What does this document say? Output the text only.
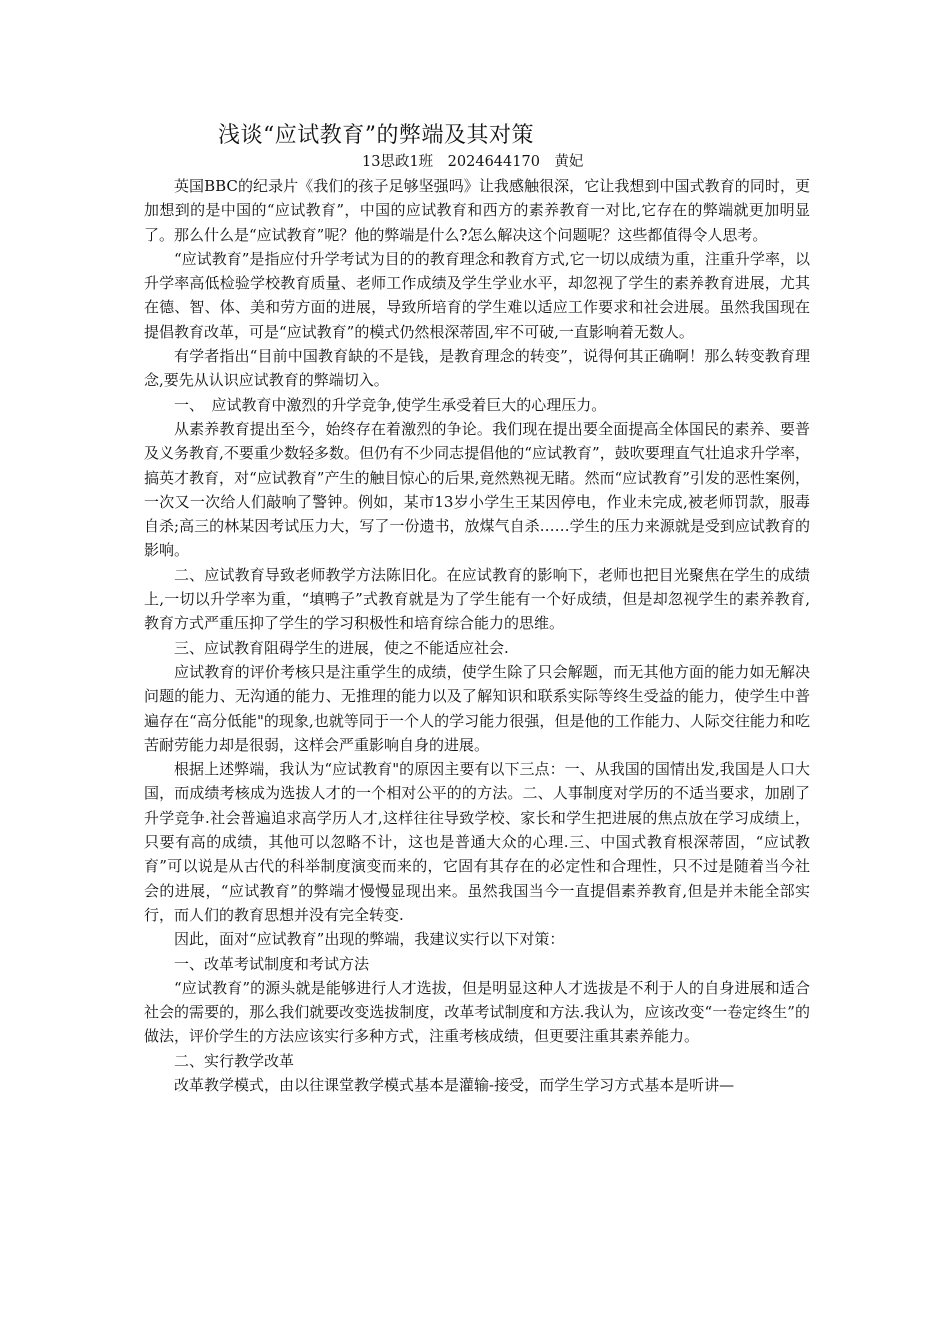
浅谈“应试教育”的弊端及其对策
13思政1班　2024644170　黄妃

英国BBC的纪录片《我们的孩子足够坚强吗》让我感触很深，它让我想到中国式教育的同时，更加想到的是中国的“应试教育”，中国的应试教育和西方的素养教育一对比,它存在的弊端就更加明显了。那么什么是“应试教育”呢？他的弊端是什么?怎么解决这个问题呢？这些都值得令人思考。

“应试教育”是指应付升学考试为目的的教育理念和教育方式,它一切以成绩为重，注重升学率，以升学率高低检验学校教育质量、老师工作成绩及学生学业水平，却忽视了学生的素养教育进展，尤其在德、智、体、美和劳方面的进展，导致所培育的学生难以适应工作要求和社会进展。虽然我国现在提倡教育改革，可是“应试教育”的模式仍然根深蒂固,牢不可破,一直影响着无数人。

有学者指出“目前中国教育缺的不是钱，是教育理念的转变”，说得何其正确啊！那么转变教育理念,要先从认识应试教育的弊端切入。

一、　应试教育中激烈的升学竞争,使学生承受着巨大的心理压力。

从素养教育提出至今，始终存在着激烈的争论。我们现在提出要全面提高全体国民的素养、要普及义务教育,不要重少数轻多数。但仍有不少同志提倡他的“应试教育”，鼓吹要理直气壮追求升学率，搞英才教育，对“应试教育”产生的触目惊心的后果,竟然熟视无睹。然而“应试教育”引发的恶性案例，一次又一次给人们敲响了警钟。例如，某市13岁小学生王某因停电，作业未完成,被老师罚款，服毒自杀;高三的林某因考试压力大，写了一份遗书，放煤气自杀……学生的压力来源就是受到应试教育的影响。

二、应试教育导致老师教学方法陈旧化。在应试教育的影响下，老师也把目光聚焦在学生的成绩上,一切以升学率为重，“填鸭子”式教育就是为了学生能有一个好成绩，但是却忽视学生的素养教育,教育方式严重压抑了学生的学习积极性和培育综合能力的思维。

三、应试教育阻碍学生的进展，使之不能适应社会.

应试教育的评价考核只是注重学生的成绩，使学生除了只会解题，而无其他方面的能力如无解决问题的能力、无沟通的能力、无推理的能力以及了解知识和联系实际等终生受益的能力，使学生中普遍存在“高分低能"的现象,也就等同于一个人的学习能力很强，但是他的工作能力、人际交往能力和吃苦耐劳能力却是很弱，这样会严重影响自身的进展。

根据上述弊端，我认为“应试教育"的原因主要有以下三点：一、从我国的国情出发,我国是人口大国，而成绩考核成为选拔人才的一个相对公平的的方法。二、人事制度对学历的不适当要求，加剧了升学竞争.社会普遍追求高学历人才,这样往往导致学校、家长和学生把进展的焦点放在学习成绩上，只要有高的成绩，其他可以忽略不计，这也是普通大众的心理.三、中国式教育根深蒂固，“应试教育”可以说是从古代的科举制度演变而来的，它固有其存在的必定性和合理性，只不过是随着当今社会的进展，“应试教育”的弊端才慢慢显现出来。虽然我国当今一直提倡素养教育,但是并未能全部实行，而人们的教育思想并没有完全转变.

因此，面对“应试教育”出现的弊端，我建议实行以下对策：

一、改革考试制度和考试方法

“应试教育”的源头就是能够进行人才选拔，但是明显这种人才选拔是不利于人的自身进展和适合社会的需要的，那么我们就要改变选拔制度，改革考试制度和方法.我认为，应该改变“一卷定终生”的做法，评价学生的方法应该实行多种方式，注重考核成绩，但更要注重其素养能力。

二、实行教学改革

改革教学模式，由以往课堂教学模式基本是灌输-接受，而学生学习方式基本是听讲—
